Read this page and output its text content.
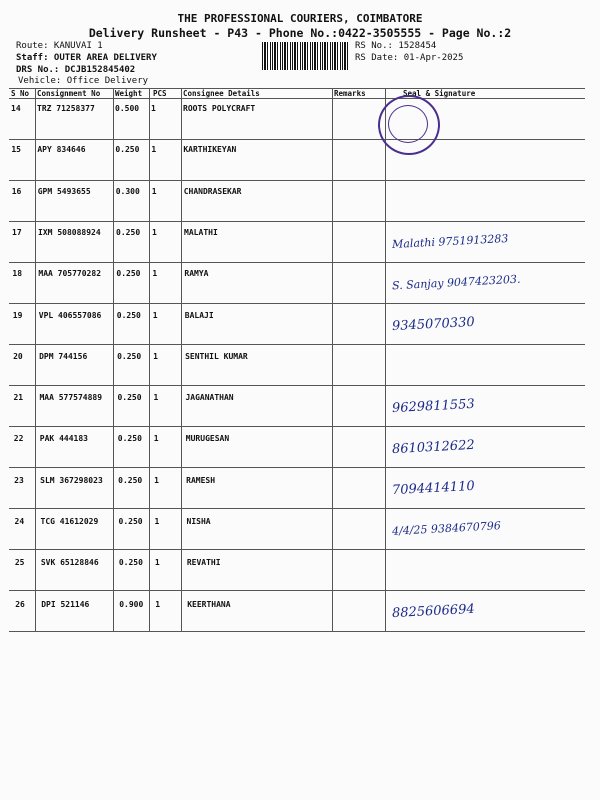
THE PROFESSIONAL COURIERS, COIMBATORE
Delivery Runsheet - P43 - Phone No.:0422-3505555 - Page No.:2
Route: KANUVAI 1
Staff: OUTER AREA DELIVERY
DRS No.: DCJB152845402
Vehicle: Office Delivery
RS No.: 1528454
RS Date: 01-Apr-2025
S No Consignment No Weight PCS Consignee Details	Remarks	Seal & Signature
14 TRZ 71258377	0.500 1	ROOTS POLYCRAFT
15 APY 834646	0.250 1	KARTHIKEYAN
16 GPM 5493655	0.300 1	CHANDRASEKAR
17 IXM 508088924 0.250 1	MALATHI	Malathi 9751913283
18 MAA 705770282 0.250 1	RAMYA	S. Sanjay 9047423203.
19 VPL 406557086 0.250 1	BALAJI	9345070330
20 DPM 744156	0.250 1	SENTHIL KUMAR
21 MAA 577574889 0.250 1	JAGANATHAN	9629811553
22 PAK 444183	0.250 1	MURUGESAN	8610312622
23 SLM 367298023 0.250 1	RAMESH	7094414110
24 TCG 41612029	0.250 1	NISHA	4/4/25 9384670796
25 SVK 65128846	0.250 1	REVATHI
26 DPI 521146	0.900 1	KEERTHANA	8825606694
